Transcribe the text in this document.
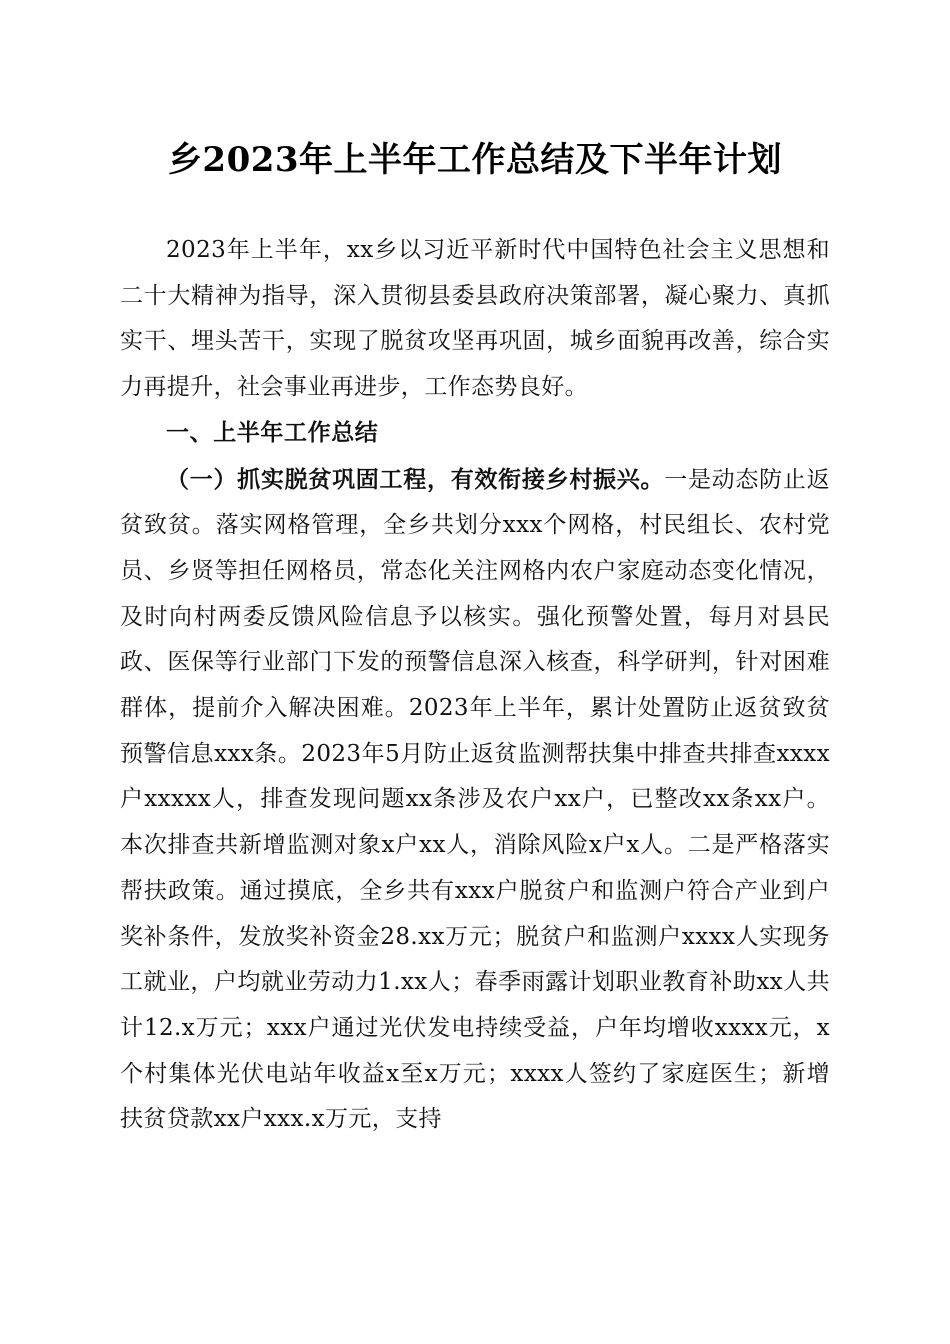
乡2023年上半年工作总结及下半年计划

2023年上半年，xx乡以习近平新时代中国特色社会主义思想和二十大精神为指导，深入贯彻县委县政府决策部署，凝心聚力、真抓实干、埋头苦干，实现了脱贫攻坚再巩固，城乡面貌再改善，综合实力再提升，社会事业再进步，工作态势良好。

一、上半年工作总结

（一）抓实脱贫巩固工程，有效衔接乡村振兴。一是动态防止返贫致贫。落实网格管理，全乡共划分xxx个网格，村民组长、农村党员、乡贤等担任网格员，常态化关注网格内农户家庭动态变化情况，及时向村两委反馈风险信息予以核实。强化预警处置，每月对县民政、医保等行业部门下发的预警信息深入核查，科学研判，针对困难群体，提前介入解决困难。2023年上半年，累计处置防止返贫致贫预警信息xxx条。2023年5月防止返贫监测帮扶集中排查共排查xxxx户xxxxx人，排查发现问题xx条涉及农户xx户，已整改xx条xx户。本次排查共新增监测对象x户xx人，消除风险x户x人。二是严格落实帮扶政策。通过摸底，全乡共有xxx户脱贫户和监测户符合产业到户奖补条件，发放奖补资金28.xx万元；脱贫户和监测户xxxx人实现务工就业，户均就业劳动力1.xx人；春季雨露计划职业教育补助xx人共计12.x万元；xxx户通过光伏发电持续受益，户年均增收xxxx元，x个村集体光伏电站年收益x至x万元；xxxx人签约了家庭医生；新增扶贫贷款xx户xxx.x万元，支持
